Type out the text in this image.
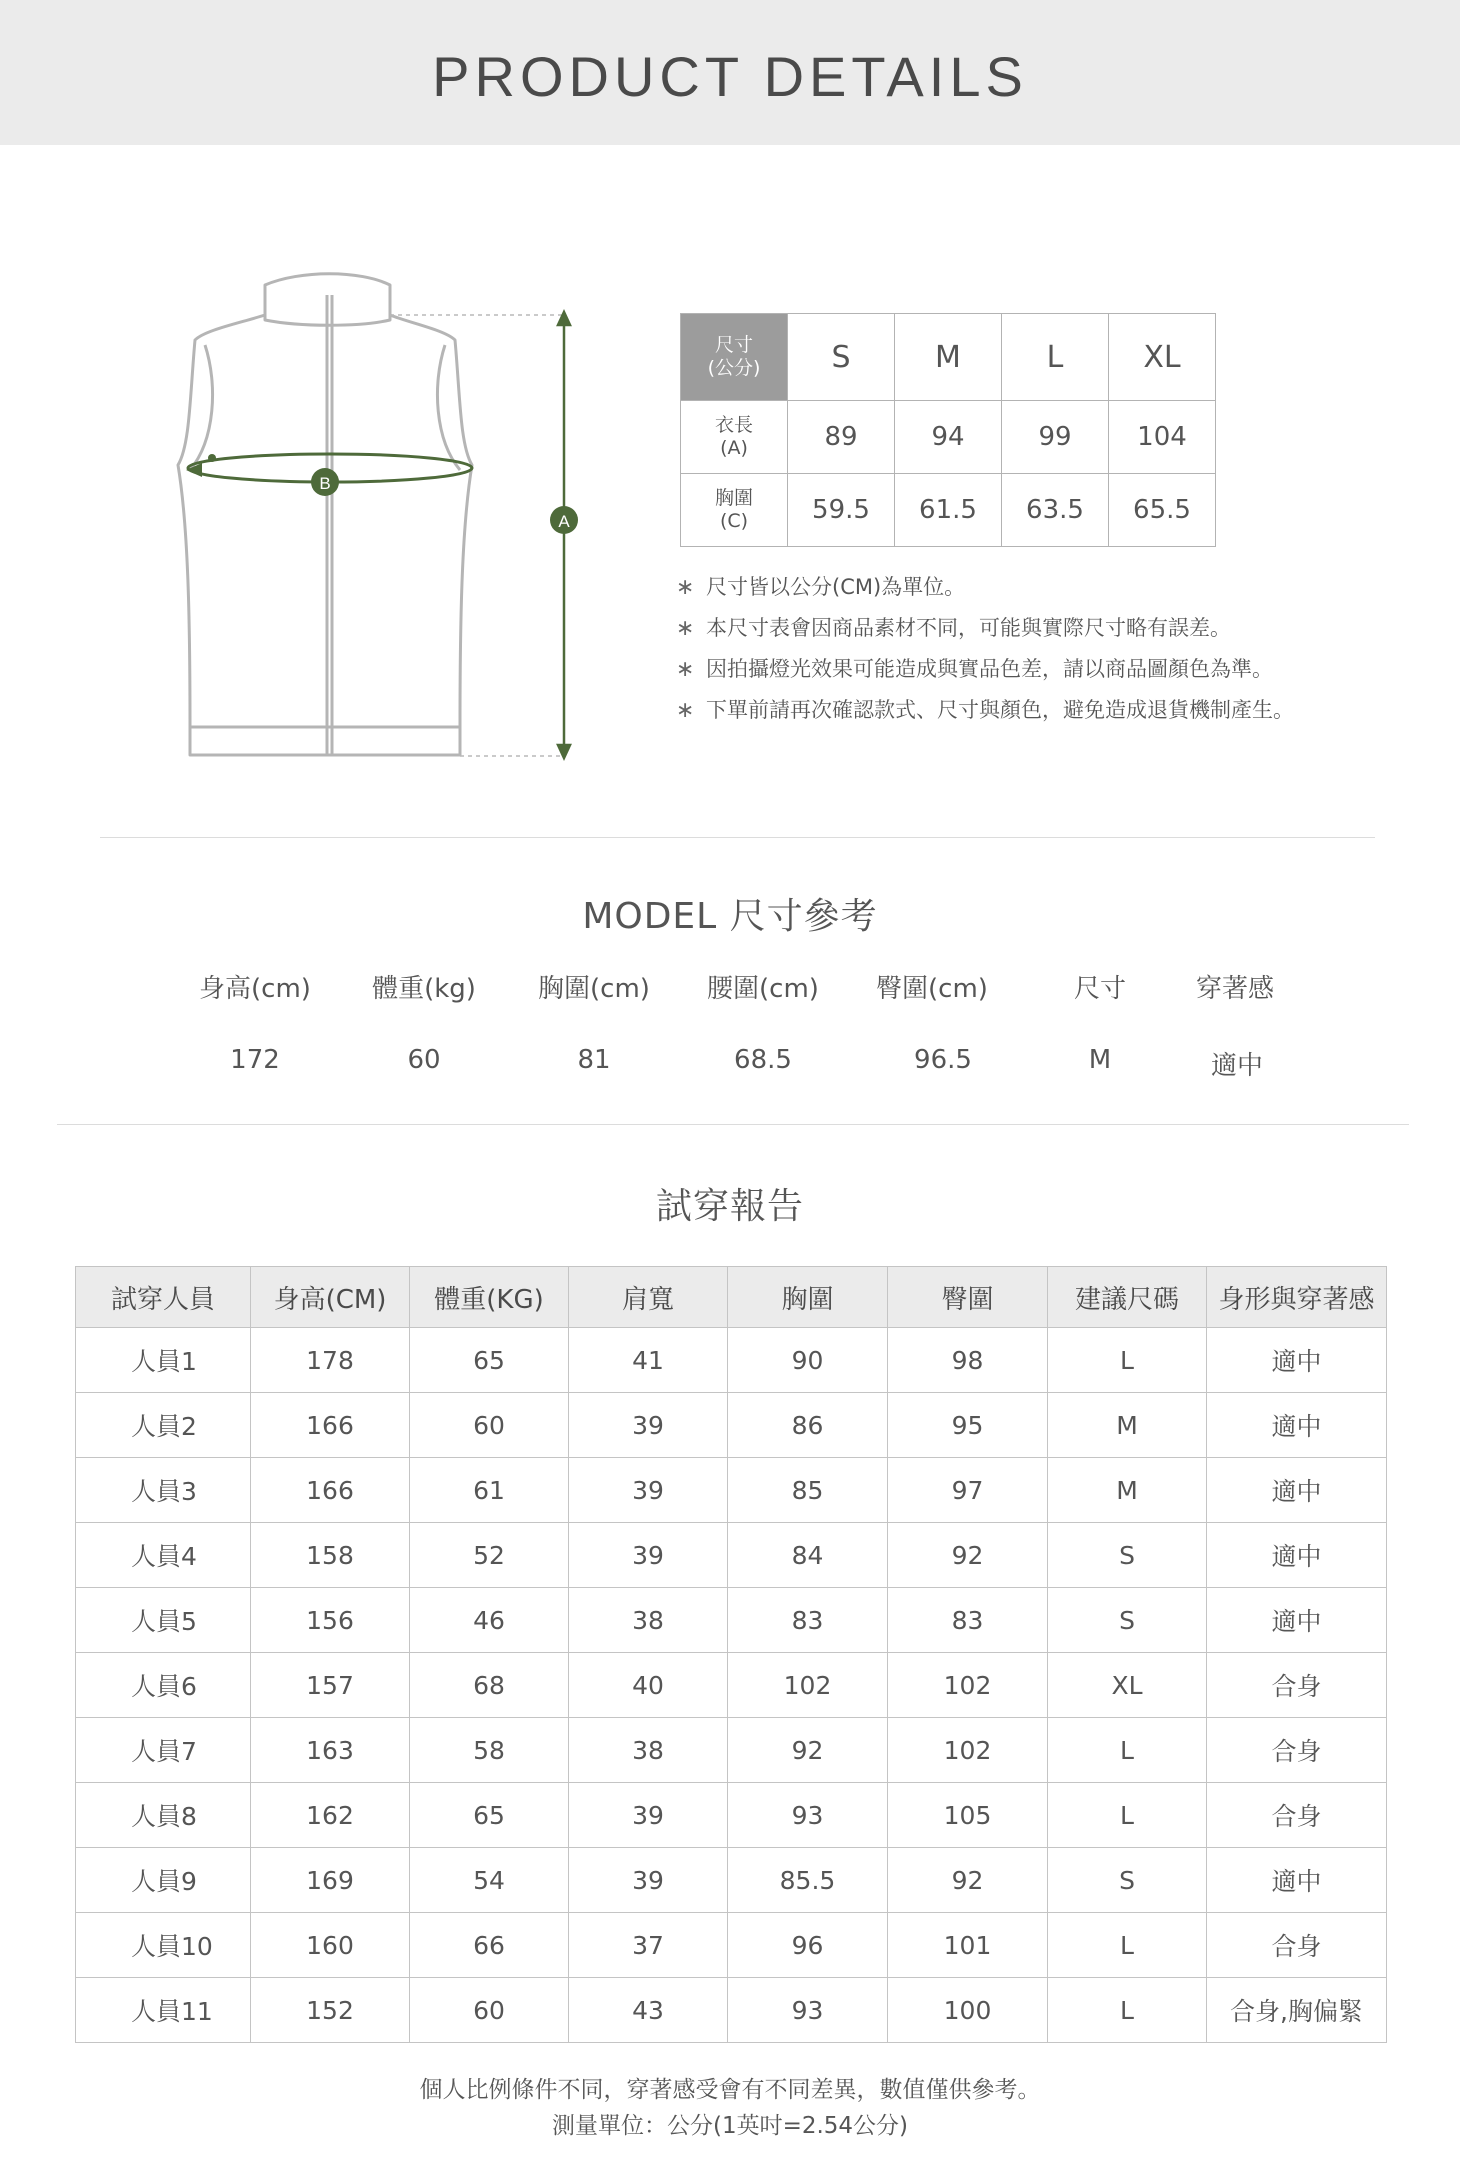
PRODUCT DETAILS
A
B
尺寸
(公分)	S	M	L	XL
衣長
(A)	89	94	99	104
胸圍
(C)	59.5	61.5	63.5	65.5
∗ 尺寸皆以公分(CM)為單位。
∗ 本尺寸表會因商品素材不同，可能與實際尺寸略有誤差。
∗ 因拍攝燈光效果可能造成與實品色差，請以商品圖顏色為準。
∗ 下單前請再次確認款式、尺寸與顏色，避免造成退貨機制產生。
MODEL 尺寸參考
身高(cm)	體重(kg)	胸圍(cm)	腰圍(cm)	臀圍(cm)	尺寸	穿著感
172	60	81	68.5	96.5	M	適中
試穿報告
試穿人員	身高(CM)	體重(KG)	肩寬	胸圍	臀圍	建議尺碼	身形與穿著感
人員1	178	65	41	90	98	L	適中
人員2	166	60	39	86	95	M	適中
人員3	166	61	39	85	97	M	適中
人員4	158	52	39	84	92	S	適中
人員5	156	46	38	83	83	S	適中
人員6	157	68	40	102	102	XL	合身
人員7	163	58	38	92	102	L	合身
人員8	162	65	39	93	105	L	合身
人員9	169	54	39	85.5	92	S	適中
人員10	160	66	37	96	101	L	合身
人員11	152	60	43	93	100	L	合身,胸偏緊
個人比例條件不同，穿著感受會有不同差異，數值僅供參考。
測量單位：公分(1英吋=2.54公分)
